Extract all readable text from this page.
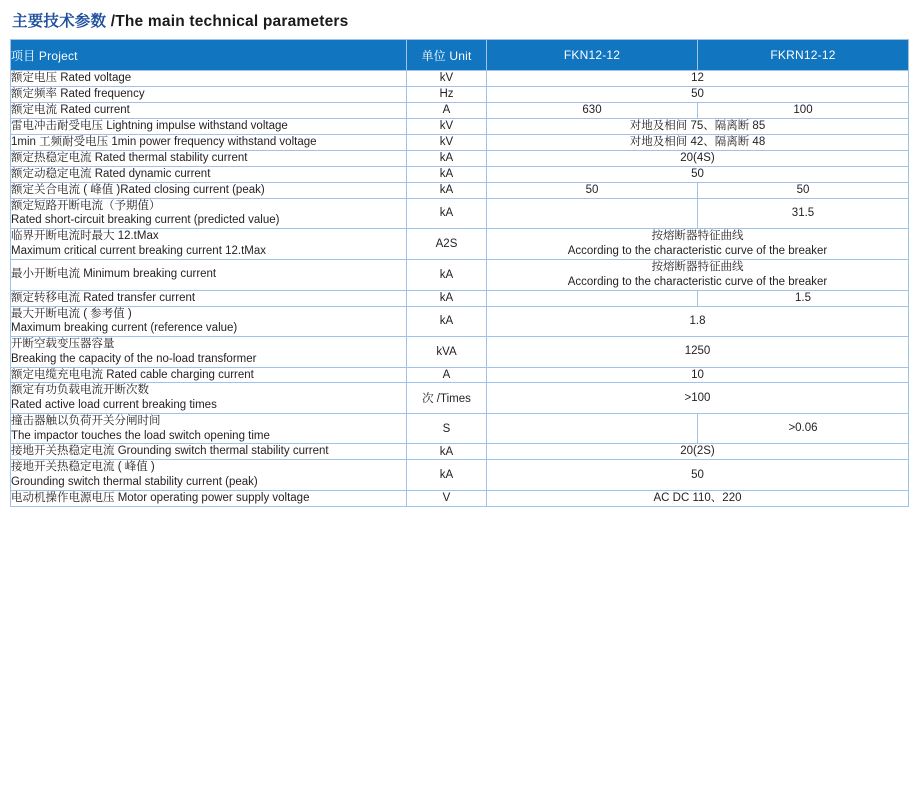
主要技术参数 /The main technical parameters
项目 Project	单位 Unit	FKN12-12	FKRN12-12
额定电压 Rated voltage	kV	12	
额定频率 Rated frequency	Hz	50	
额定电流 Rated current	A	630	100
雷电冲击耐受电压 Lightning impulse withstand voltage	kV	对地及相间 75、隔离断 85	
1min 工频耐受电压 1min power frequency withstand voltage	kV	对地及相间 42、隔离断 48	
额定热稳定电流 Rated thermal stability current	kA	20(4S)	
额定动稳定电流 Rated dynamic current	kA	50	
额定关合电流 ( 峰值 )Rated closing current (peak)	kA	50	50

额定短路开断电流（予期值）
Rated short-circuit breaking current (predicted value)	kA		31.5

临界开断电流时最大 12.tMax
Maximum critical current breaking current 12.tMax	A2S	按熔断器特征曲线
According to the characteristic curve of the breaker	

最小开断电流 Minimum breaking current	kA	按熔断器特征曲线
According to the characteristic curve of the breaker	

额定转移电流 Rated transfer current	kA		1.5

最大开断电流 ( 参考值 )
Maximum breaking current (reference value)	kA	1.8	

开断空载变压器容量
Breaking the capacity of the no-load transformer	kVA	1250	
额定电缆充电电流 Rated cable charging current	A	10	

额定有功负载电流开断次数
Rated active load current breaking times	次 /Times	>100	

撞击器触以负荷开关分闸时间
The impactor touches the load switch opening time	S		>0.06
接地开关热稳定电流 Grounding switch thermal stability current	kA	20(2S)	

接地开关热稳定电流 ( 峰值 )
Grounding switch thermal stability current (peak)	kA	50	
电动机操作电源电压 Motor operating power supply voltage	V	AC DC 110、220	
